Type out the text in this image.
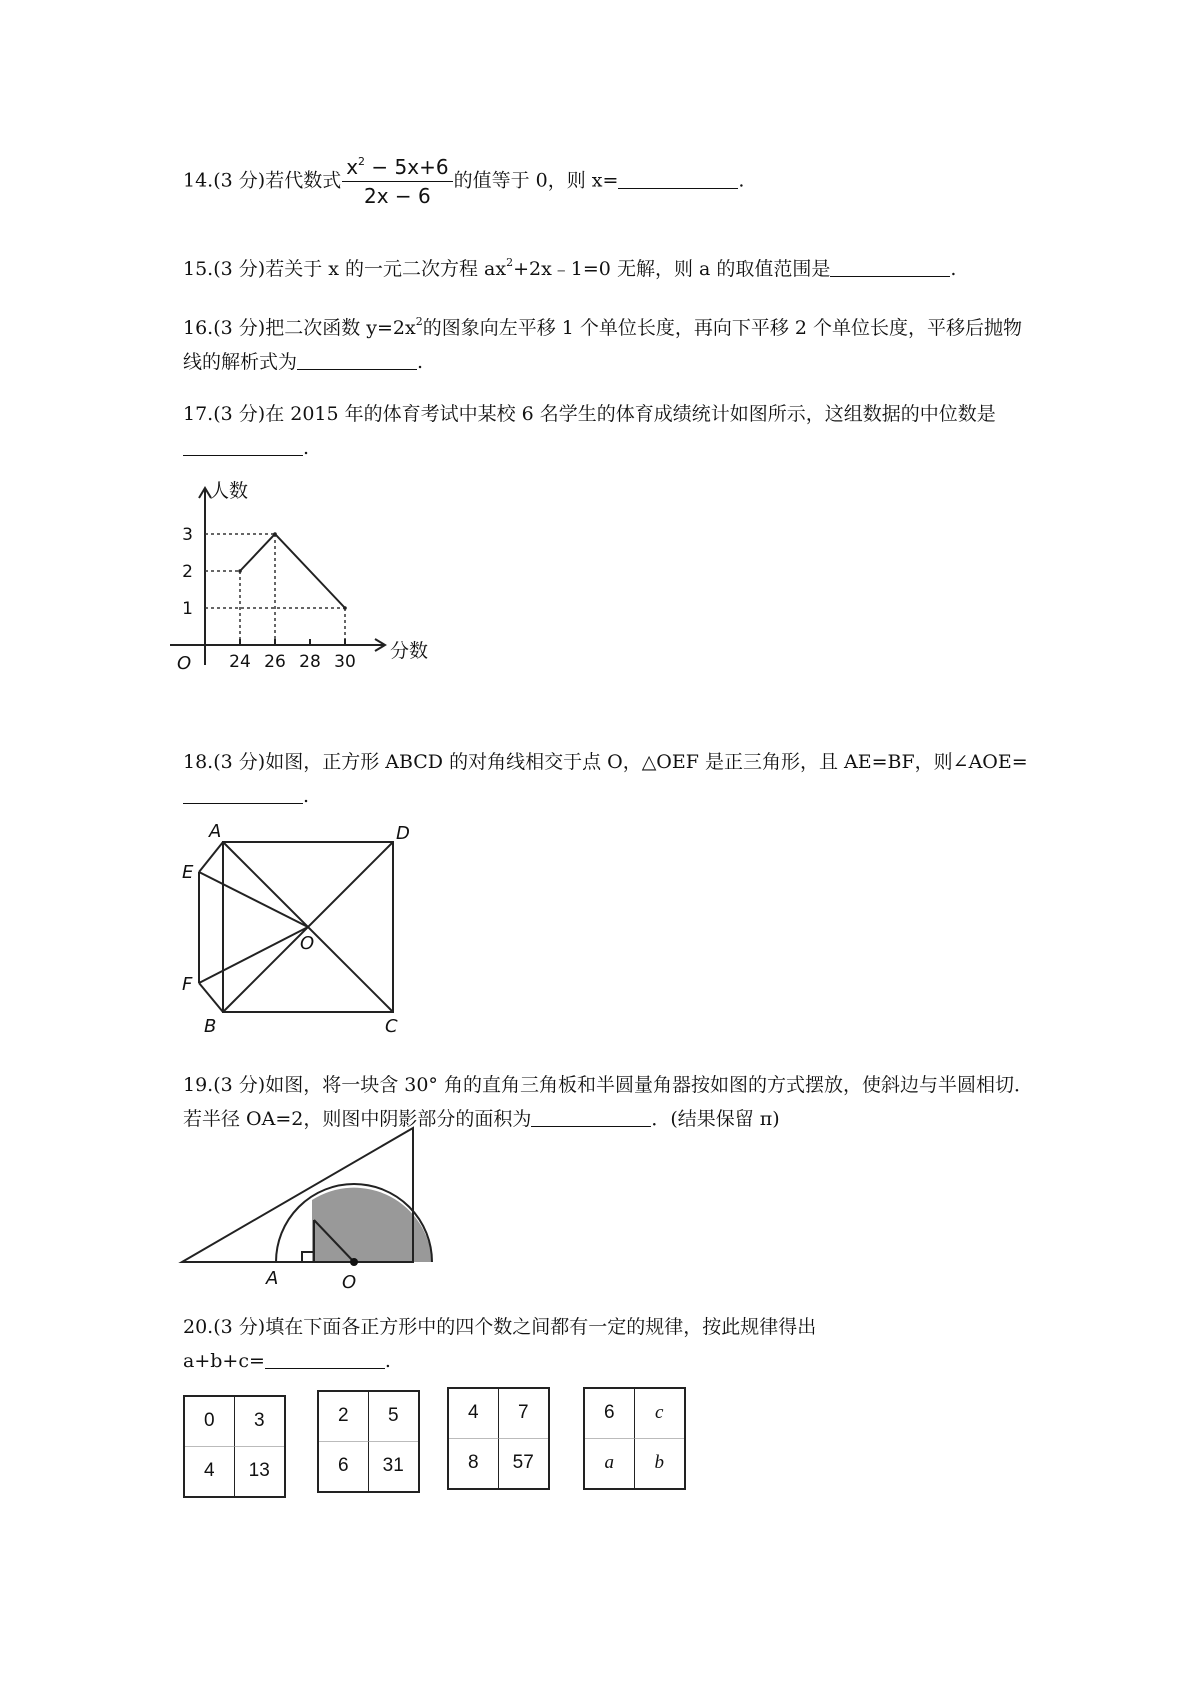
14.(3 分)若代数式 $\frac{x^2 - 5x+6}{2x - 6}$ 的值等于 0，则 x=	.
15.(3 分)若关于 x 的一元二次方程 $ax^2+2x﹣1=0$ 无解，则 a 的取值范围是	.
16.(3 分)把二次函数 $y=2x^2$的图象向左平移 1 个单位长度，再向下平移 2 个单位长度，平移后抛物线的解析式为	.
17.(3 分)在 2015 年的体育考试中某校 6 名学生的体育成绩统计如图所示，这组数据的中位数是.
24 26 28 30
1
2
3
O
人数
分数
18.(3 分)如图，正方形 ABCD 的对角线相交于点 O，△OEF 是正三角形，且 AE=BF，则∠AOE=.
A	D
E
O
F
B	C
19.(3 分)如图，将一块含 30° 角的直角三角板和半圆量角器按如图的方式摆放，使斜边与半圆相切．若半径 OA=2，则图中阴影部分的面积为	．(结果保留 π)
A	O
20.(3 分)填在下面各正方形中的四个数之间都有一定的规律，按此规律得出
a+b+c=	.
0	3
4	13
2	5
6	31
4	7
8	57
6	c
a	b
